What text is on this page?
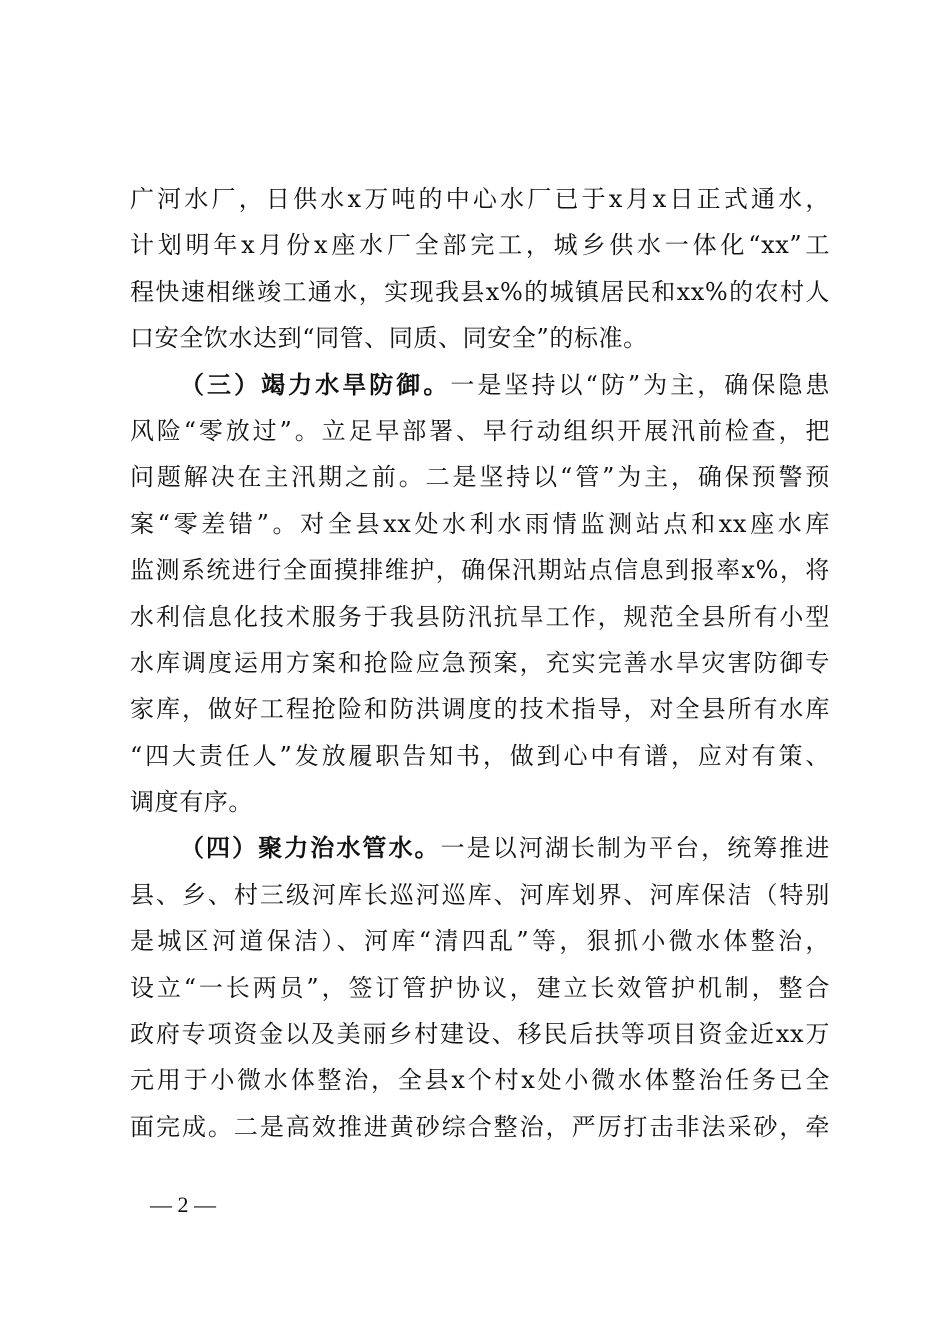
广河水厂，日供水x万吨的中心水厂已于x月x日正式通水，
计划明年x月份x座水厂全部完工，城乡供水一体化“xx”工
程快速相继竣工通水，实现我县x%的城镇居民和xx%的农村人
口安全饮水达到“同管、同质、同安全”的标准。
（三）竭力水旱防御。一是坚持以“防”为主，确保隐患
风险“零放过”。立足早部署、早行动组织开展汛前检查，把
问题解决在主汛期之前。二是坚持以“管”为主，确保预警预
案“零差错”。对全县xx处水利水雨情监测站点和xx座水库
监测系统进行全面摸排维护，确保汛期站点信息到报率x%，将
水利信息化技术服务于我县防汛抗旱工作，规范全县所有小型
水库调度运用方案和抢险应急预案，充实完善水旱灾害防御专
家库，做好工程抢险和防洪调度的技术指导，对全县所有水库
“四大责任人”发放履职告知书，做到心中有谱，应对有策、
调度有序。
（四）聚力治水管水。一是以河湖长制为平台，统筹推进
县、乡、村三级河库长巡河巡库、河库划界、河库保洁（特别
是城区河道保洁）、河库“清四乱”等，狠抓小微水体整治，
设立“一长两员”，签订管护协议，建立长效管护机制，整合
政府专项资金以及美丽乡村建设、移民后扶等项目资金近xx万
元用于小微水体整治，全县x个村x处小微水体整治任务已全
面完成。二是高效推进黄砂综合整治，严厉打击非法采砂，牵
— 2 —
